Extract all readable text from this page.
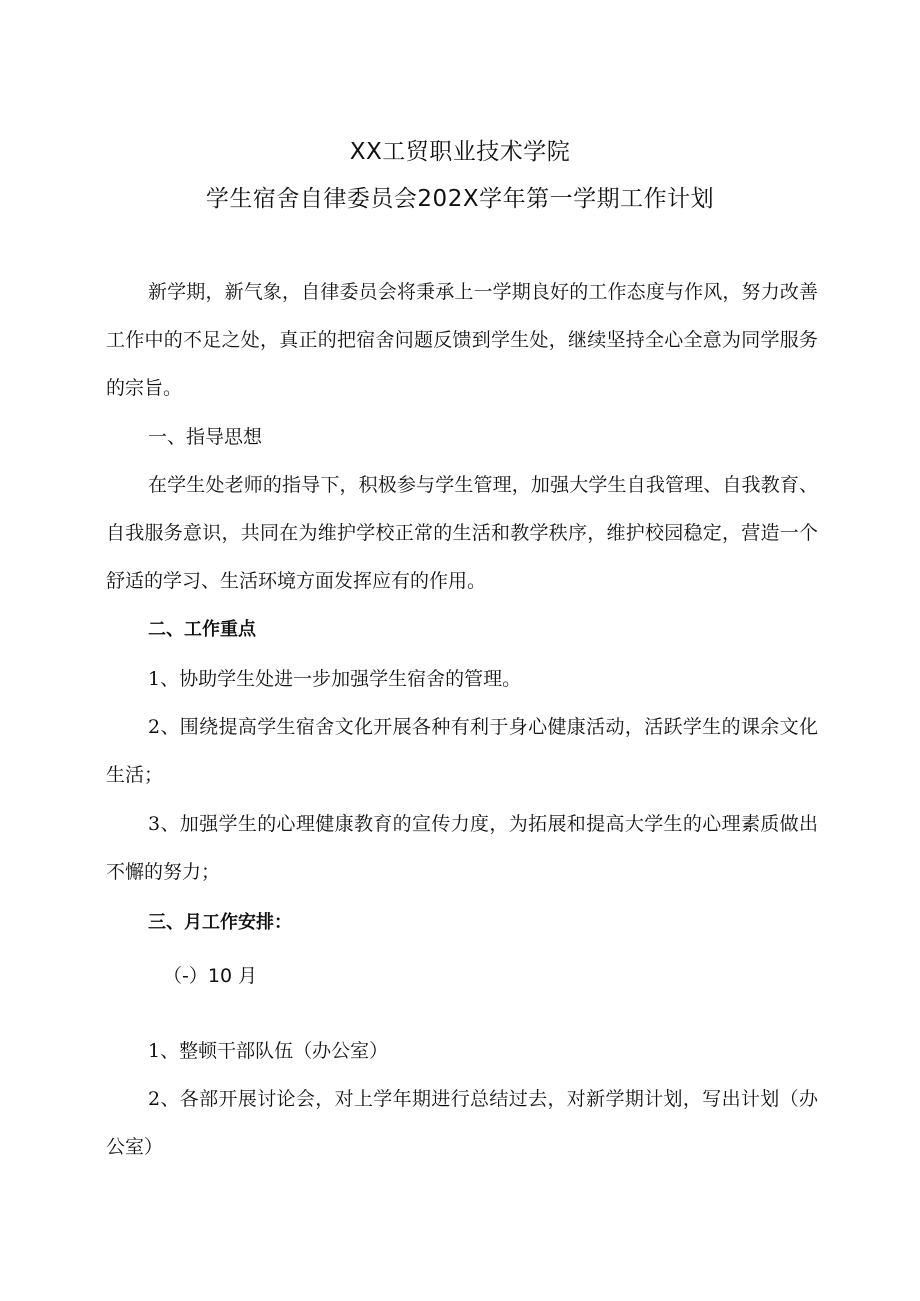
XX工贸职业技术学院
学生宿舍自律委员会202X学年第一学期工作计划

新学期，新气象，自律委员会将秉承上一学期良好的工作态度与作风，努力改善工作中的不足之处，真正的把宿舍问题反馈到学生处，继续坚持全心全意为同学服务的宗旨。

一、指导思想

在学生处老师的指导下，积极参与学生管理，加强大学生自我管理、自我教育、自我服务意识，共同在为维护学校正常的生活和教学秩序，维护校园稳定，营造一个舒适的学习、生活环境方面发挥应有的作用。

二、工作重点
1、协助学生处进一步加强学生宿舍的管理。

2、围绕提高学生宿舍文化开展各种有利于身心健康活动，活跃学生的课余文化生活；

3、加强学生的心理健康教育的宣传力度，为拓展和提高大学生的心理素质做出不懈的努力；

三、月工作安排：
（-）10 月
1、整顿干部队伍（办公室）

2、各部开展讨论会，对上学年期进行总结过去，对新学期计划，写出计划（办公室）
